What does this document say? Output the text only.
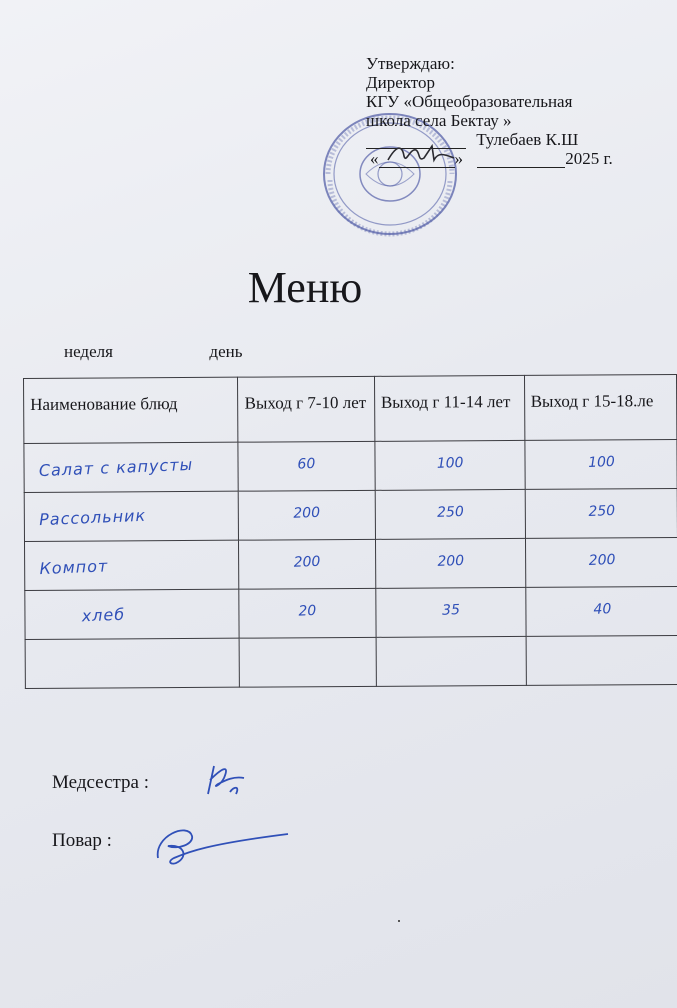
Утверждаю:
Директор
КГУ «Общеобразовательная
школа села Бектау »
Тулебаев К.Ш
«	»	2025 г.
Меню
неделя	день
Наименование блюд	Выход г 7-10 лет	Выход г 11-14 лет	Выход г 15-18.ле

Салат с капусты	60	100	100

Рассольник	200	250	250

Компот	200	200	200

хлеб	20	35	40

Медсестра :
Повар :
